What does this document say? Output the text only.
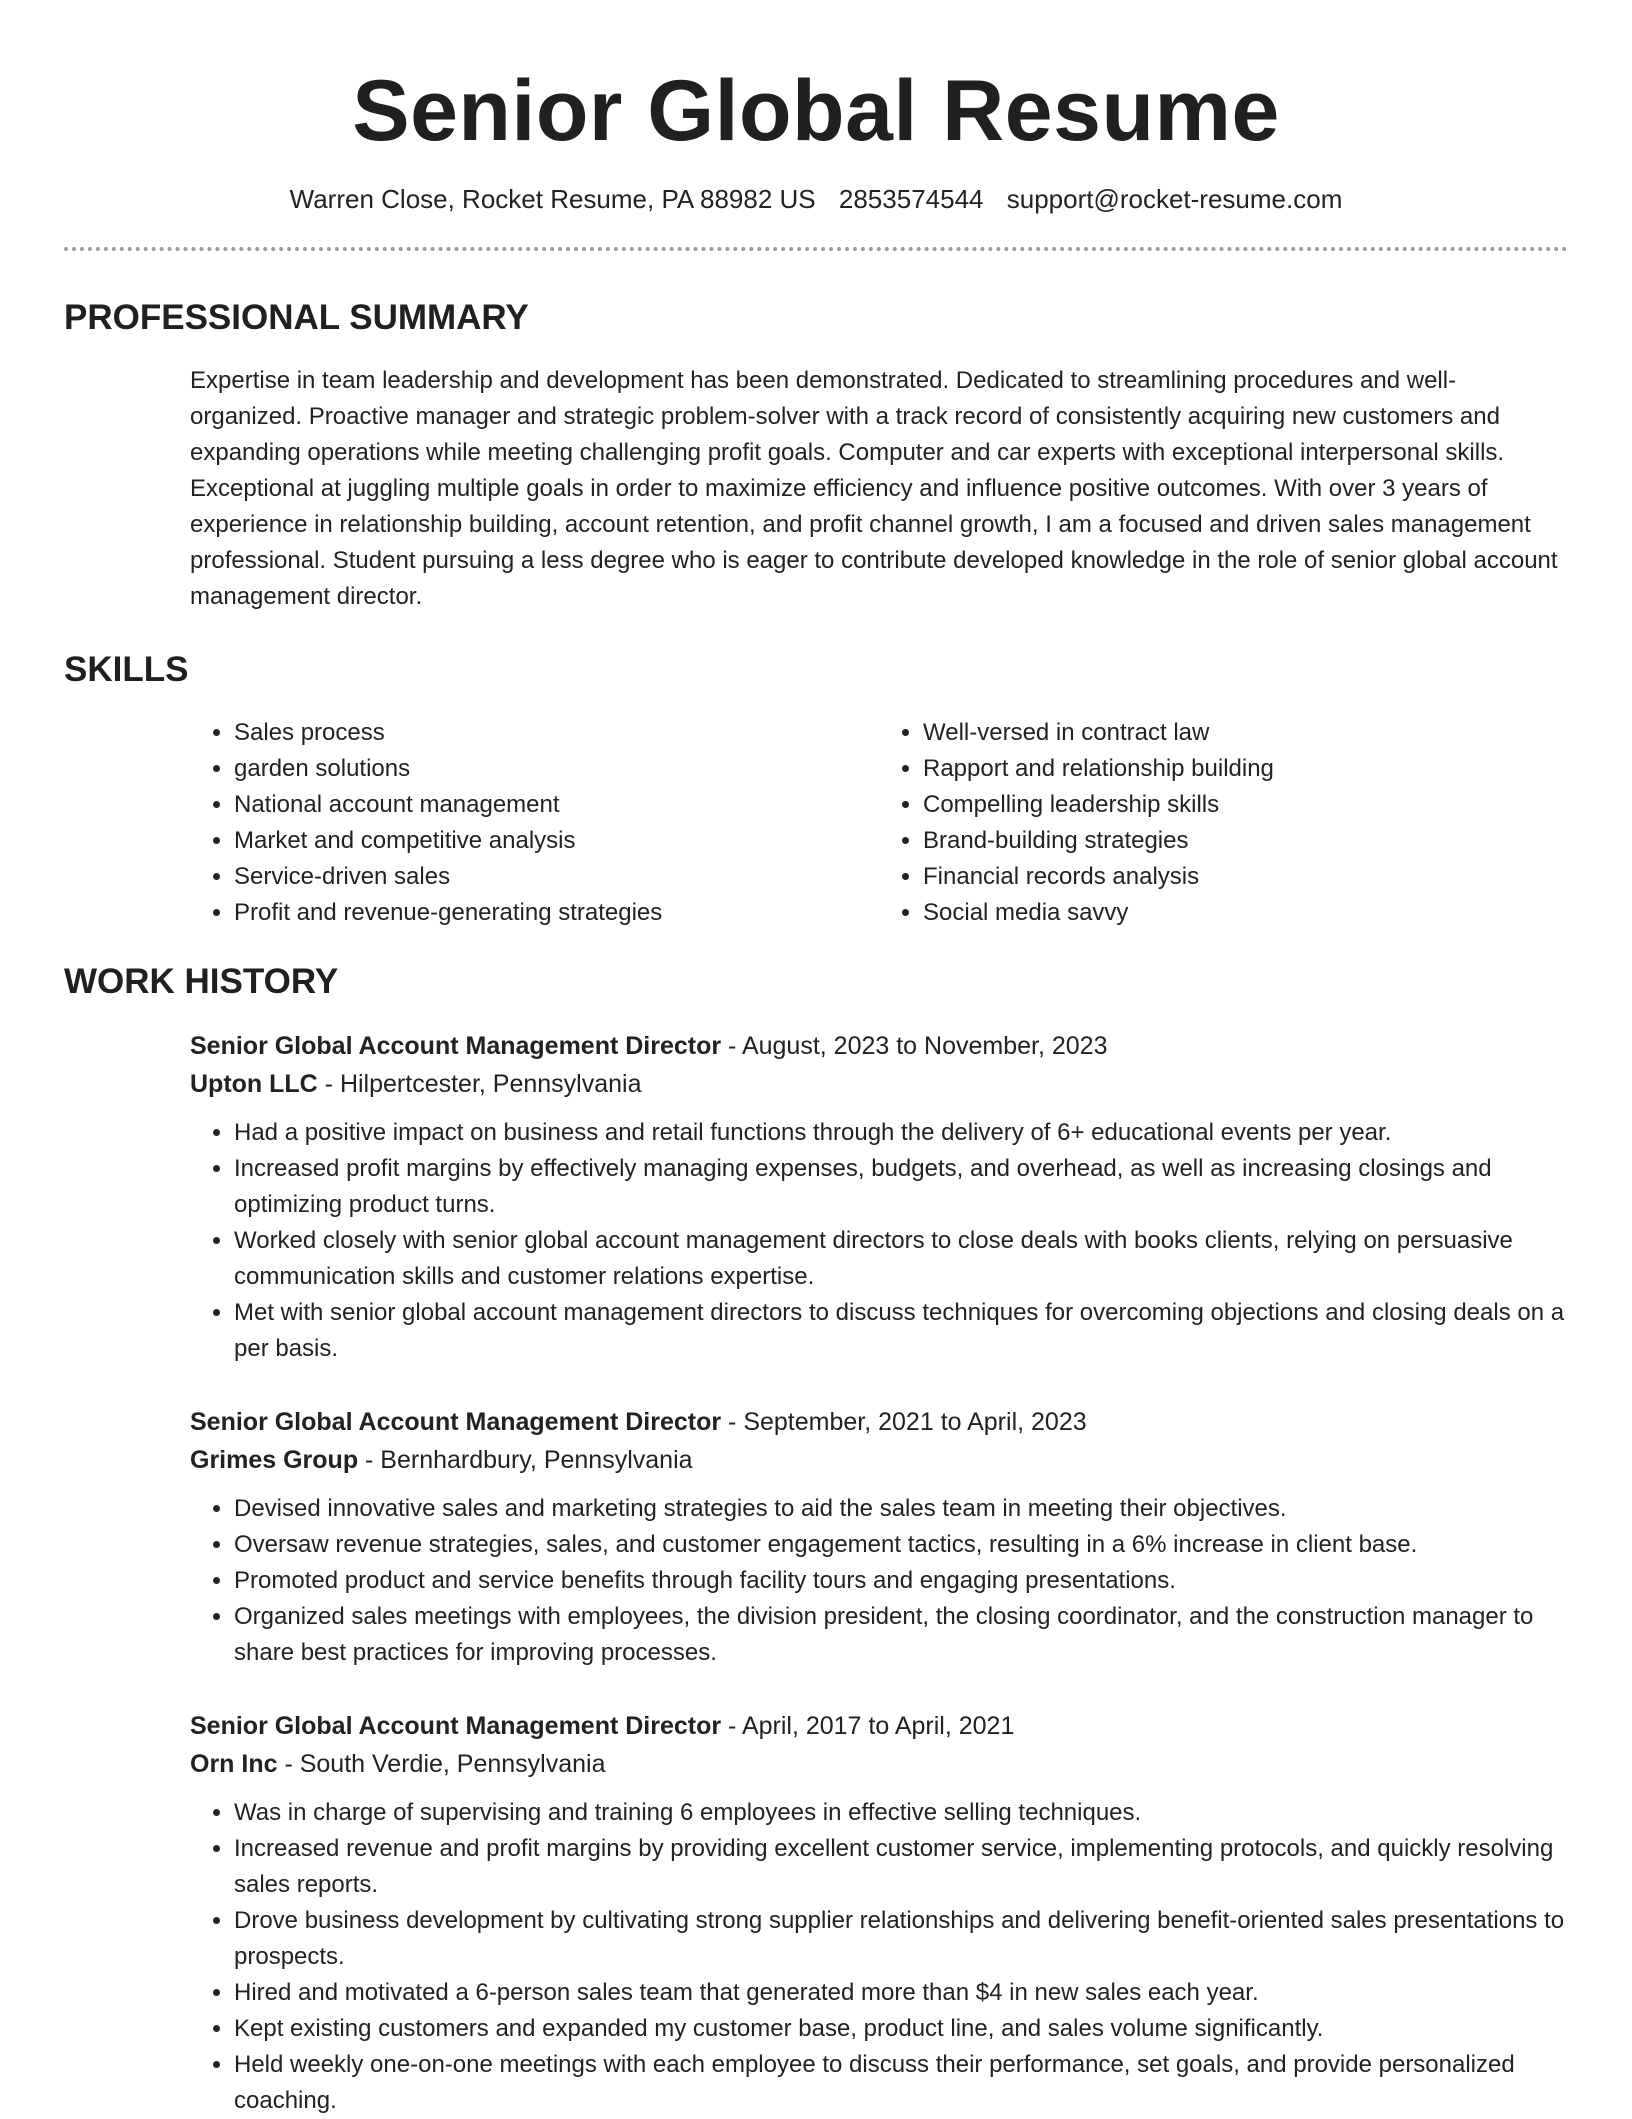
Senior Global Resume
Warren Close, Rocket Resume, PA 88982 US 2853574544 support@rocket-resume.com
PROFESSIONAL SUMMARY
Expertise in team leadership and development has been demonstrated. Dedicated to streamlining procedures and well-organized. Proactive manager and strategic problem-solver with a track record of consistently acquiring new customers and expanding operations while meeting challenging profit goals. Computer and car experts with exceptional interpersonal skills. Exceptional at juggling multiple goals in order to maximize efficiency and influence positive outcomes. With over 3 years of experience in relationship building, account retention, and profit channel growth, I am a focused and driven sales management professional. Student pursuing a less degree who is eager to contribute developed knowledge in the role of senior global account management director.
SKILLS
• Sales process
• garden solutions
• National account management
• Market and competitive analysis
• Service-driven sales
• Profit and revenue-generating strategies
• Well-versed in contract law
• Rapport and relationship building
• Compelling leadership skills
• Brand-building strategies
• Financial records analysis
• Social media savvy
WORK HISTORY
Senior Global Account Management Director - August, 2023 to November, 2023
Upton LLC - Hilpertcester, Pennsylvania
• Had a positive impact on business and retail functions through the delivery of 6+ educational events per year.
• Increased profit margins by effectively managing expenses, budgets, and overhead, as well as increasing closings and optimizing product turns.
• Worked closely with senior global account management directors to close deals with books clients, relying on persuasive communication skills and customer relations expertise.
• Met with senior global account management directors to discuss techniques for overcoming objections and closing deals on a per basis.
Senior Global Account Management Director - September, 2021 to April, 2023
Grimes Group - Bernhardbury, Pennsylvania
• Devised innovative sales and marketing strategies to aid the sales team in meeting their objectives.
• Oversaw revenue strategies, sales, and customer engagement tactics, resulting in a 6% increase in client base.
• Promoted product and service benefits through facility tours and engaging presentations.
• Organized sales meetings with employees, the division president, the closing coordinator, and the construction manager to share best practices for improving processes.
Senior Global Account Management Director - April, 2017 to April, 2021
Orn Inc - South Verdie, Pennsylvania
• Was in charge of supervising and training 6 employees in effective selling techniques.
• Increased revenue and profit margins by providing excellent customer service, implementing protocols, and quickly resolving sales reports.
• Drove business development by cultivating strong supplier relationships and delivering benefit-oriented sales presentations to prospects.
• Hired and motivated a 6-person sales team that generated more than $4 in new sales each year.
• Kept existing customers and expanded my customer base, product line, and sales volume significantly.
• Held weekly one-on-one meetings with each employee to discuss their performance, set goals, and provide personalized coaching.
